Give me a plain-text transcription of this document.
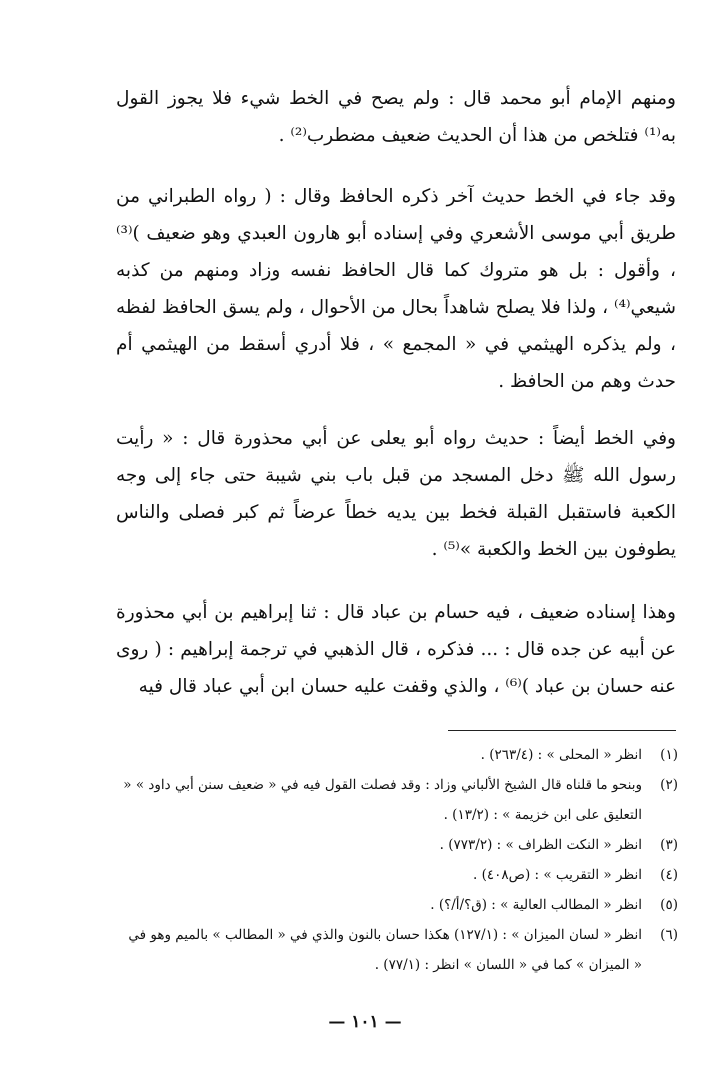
ومنهم الإمام أبو محمد قال : ولم يصح في الخط شيء فلا يجوز القول به⁽¹⁾ فتلخص من هذا أن الحديث ضعيف مضطرب⁽²⁾ .

وقد جاء في الخط حديث آخر ذكره الحافظ وقال : ( رواه الطبراني من طريق أبي موسى الأشعري وفي إسناده أبو هارون العبدي وهو ضعيف )⁽³⁾ ، وأقول : بل هو متروك كما قال الحافظ نفسه وزاد ومنهم من كذبه شيعي⁽⁴⁾ ، ولذا فلا يصلح شاهداً بحال من الأحوال ، ولم يسق الحافظ لفظه ، ولم يذكره الهيثمي في « المجمع » ، فلا أدري أسقط من الهيثمي أم حدث وهم من الحافظ .

وفي الخط أيضاً : حديث رواه أبو يعلى عن أبي محذورة قال : « رأيت رسول الله ﷺ دخل المسجد من قبل باب بني شيبة حتى جاء إلى وجه الكعبة فاستقبل القبلة فخط بين يديه خطاً عرضاً ثم كبر فصلى والناس يطوفون بين الخط والكعبة »⁽⁵⁾ .

وهذا إسناده ضعيف ، فيه حسام بن عباد قال : ثنا إبراهيم بن أبي محذورة عن أبيه عن جده قال : ... فذكره ، قال الذهبي في ترجمة إبراهيم : ( روى عنه حسان بن عباد )⁽⁶⁾ ، والذي وقفت عليه حسان ابن أبي عباد قال فيه

(١)
انظر « المحلى » : (٢٦٣/٤) .
(٢)
وبنحو ما قلناه قال الشيخ الألباني وزاد : وقد فصلت القول فيه في « ضعيف سنن أبي داود » « التعليق على ابن خزيمة » : (١٣/٢) .
(٣)
انظر « النكت الظراف » : (٧٧٣/٢) .
(٤)
انظر « التقريب » : (ص٤٠٨) .
(٥)
انظر « المطالب العالية » : (ق؟/أ/؟) .
(٦)
انظر « لسان الميزان » : (١٢٧/١) هكذا حسان بالنون والذي في « المطالب » بالميم وهو في « الميزان » كما في « اللسان » انظر : (٧٧/١) .
— ١٠١ —
